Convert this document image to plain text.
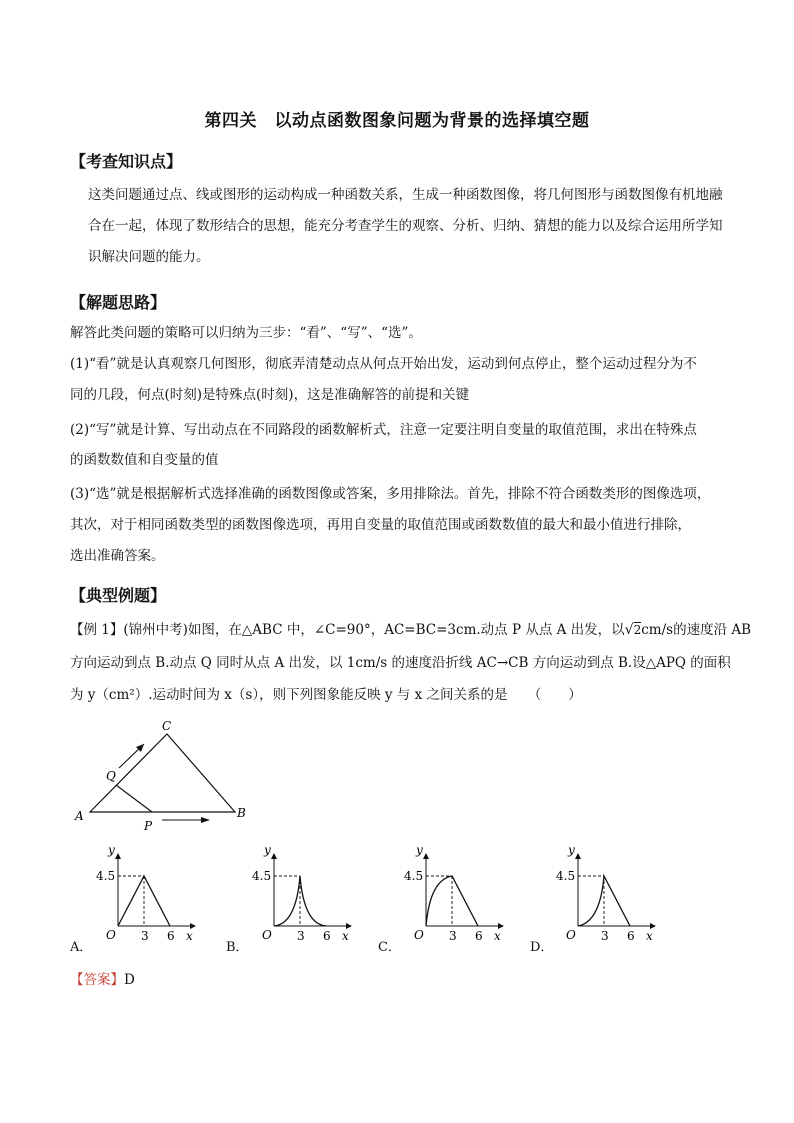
第四关　以动点函数图象问题为背景的选择填空题
【考查知识点】
这类问题通过点、线或图形的运动构成一种函数关系，生成一种函数图像，将几何图形与函数图像有机地融合在一起，体现了数形结合的思想，能充分考查学生的观察、分析、归纳、猜想的能力以及综合运用所学知识解决问题的能力。
【解题思路】
解答此类问题的策略可以归纳为三步：“看”、“写”、“选”。
(1)“看”就是认真观察几何图形，彻底弄清楚动点从何点开始出发，运动到何点停止，整个运动过程分为不
同的几段，何点(时刻)是特殊点(时刻)，这是准确解答的前提和关键
(2)“写”就是计算、写出动点在不同路段的函数解析式，注意一定要注明自变量的取值范围，求出在特殊点
的函数数值和自变量的值
(3)“选”就是根据解析式选择准确的函数图像或答案，多用排除法。首先，排除不符合函数类形的图像选项，
其次，对于相同函数类型的函数图像选项，再用自变量的取值范围或函数数值的最大和最小值进行排除，
选出准确答案。
【典型例题】
【例 1】(锦州中考)如图，在△ABC 中，∠C=90°，AC=BC=3cm.动点 P 从点 A 出发，以√2cm/s的速度沿 AB
方向运动到点 B.动点 Q 同时从点 A 出发，以 1cm/s 的速度沿折线 AC→CB 方向运动到点 B.设△APQ 的面积
为 y（cm²）.运动时间为 x（s），则下列图象能反映 y 与 x 之间关系的是　　（　　）
A	B
C
Q
P
y
4.5
O 3 6 x
A．
y
4.5
O 3 6 x
B．
y
4.5
O 3 6 x
C．
y
4.5
O 3 6 x
D．
【答案】D
